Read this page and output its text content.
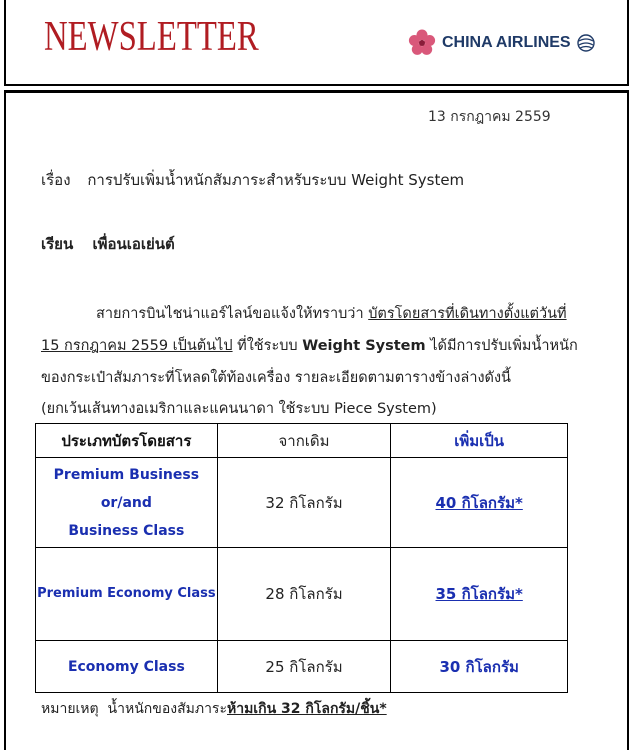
NEWSLETTER	CHINA AIRLINES
13 กรกฎาคม 2559
เรื่อง การปรับเพิ่มน้ำหนักสัมภาระสำหรับระบบ Weight System
เรียน เพื่อนเอเย่นต์
สายการบินไชน่าแอร์ไลน์ขอแจ้งให้ทราบว่า บัตรโดยสารที่เดินทางตั้งแต่วันที่
15 กรกฎาคม 2559 เป็นต้นไป ที่ใช้ระบบ Weight System ได้มีการปรับเพิ่มน้ำหนัก
ของกระเป๋าสัมภาระที่โหลดใต้ท้องเครื่อง รายละเอียดตามตารางข้างล่างดังนี้
(ยกเว้นเส้นทางอเมริกาและแคนนาดา ใช้ระบบ Piece System)
ประเภทบัตรโดยสาร	จากเดิม	เพิ่มเป็น

Premium Business
or/and
Business Class	32 กิโลกรัม	40 กิโลกรัม*
Premium Economy Class	28 กิโลกรัม	35 กิโลกรัม*
Economy Class	25 กิโลกรัม	30 กิโลกรัม
หมายเหตุ น้ำหนักของสัมภาระห้ามเกิน 32 กิโลกรัม/ชิ้น*
